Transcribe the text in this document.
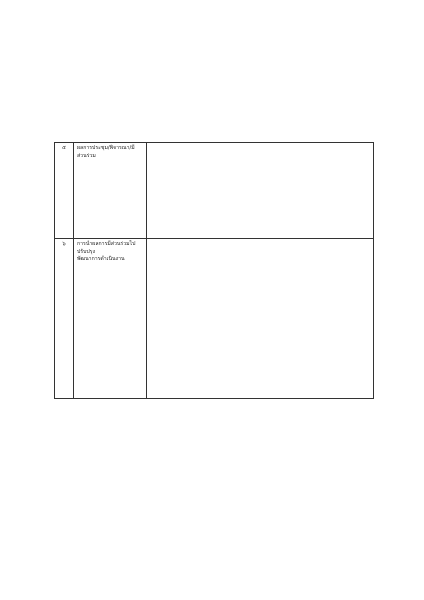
๕	ผลการประชุม/พิจารณา/มีส่วนร่วม	

๖	การนำผลการมีส่วนร่วมไปปรับปรุง
พัฒนาการดำเนินงาน	
